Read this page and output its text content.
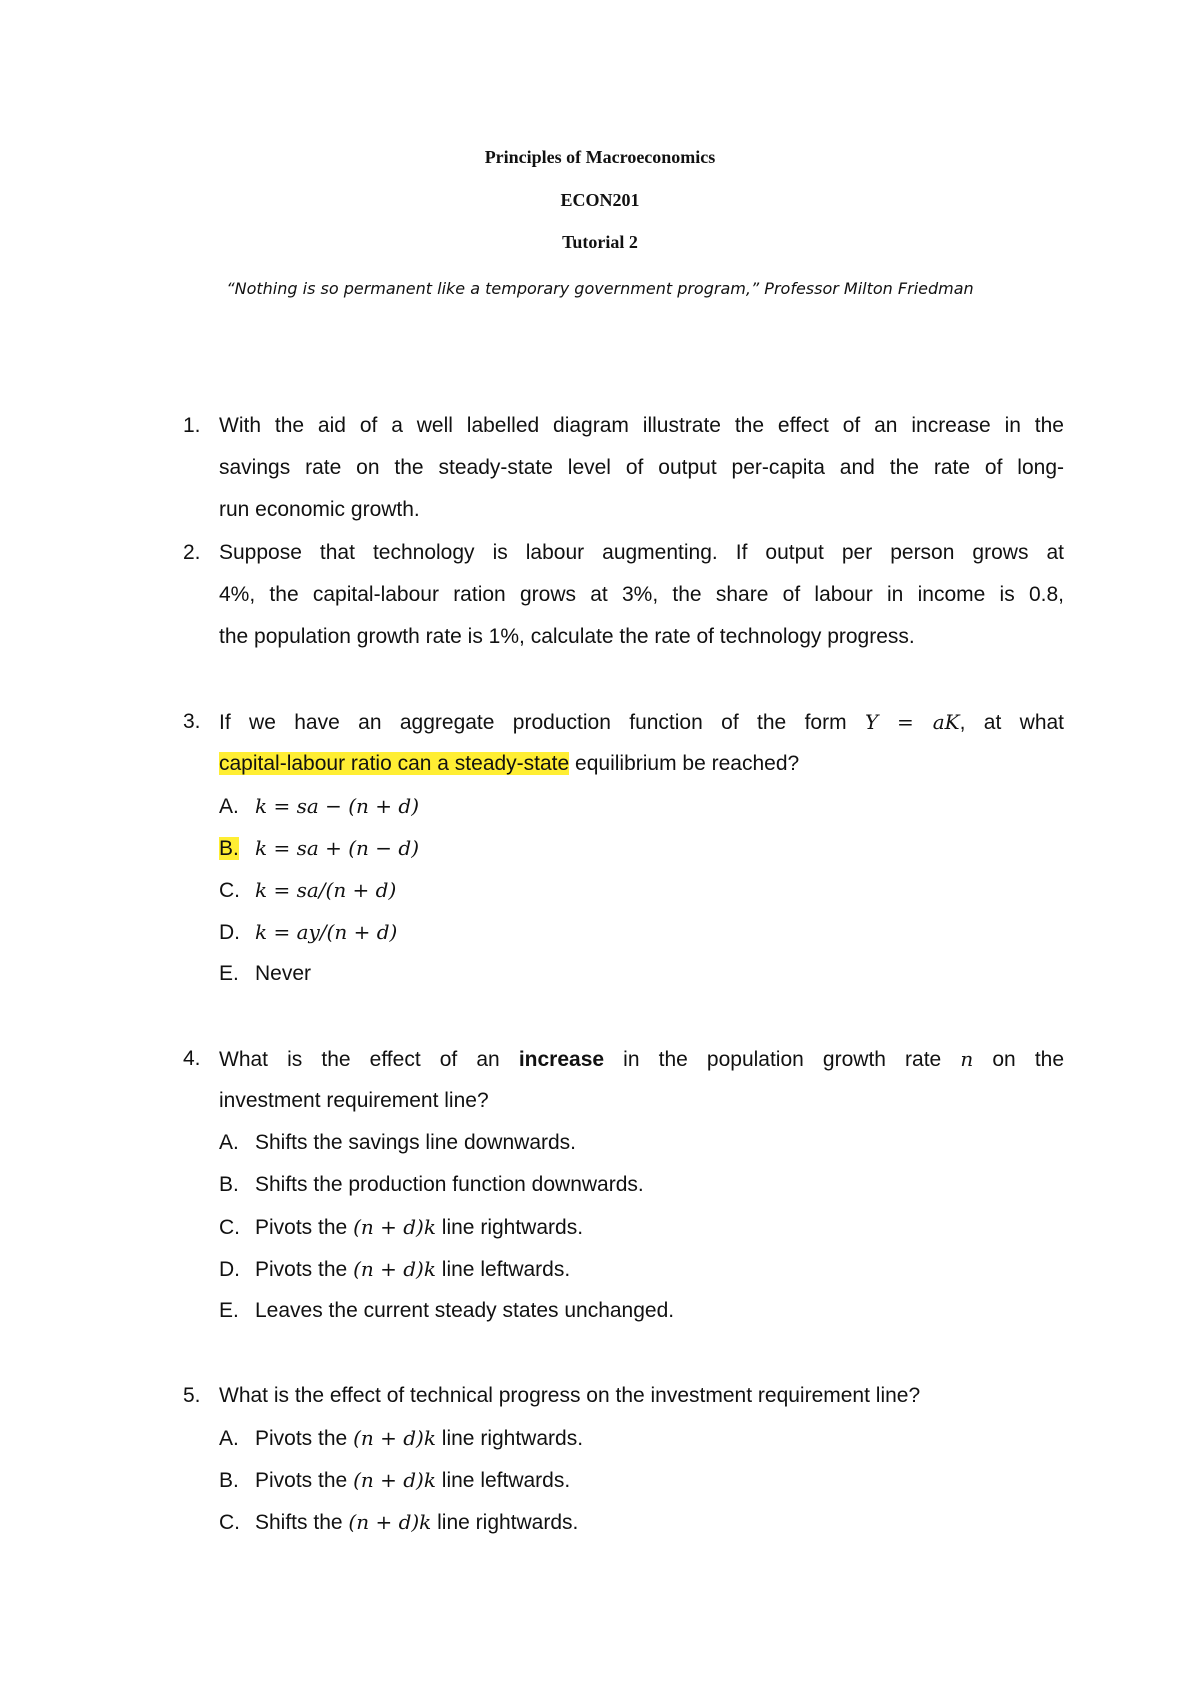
Principles of Macroeconomics
ECON201
Tutorial 2
“Nothing is so permanent like a temporary government program,” Professor Milton Friedman
1. With the aid of a well labelled diagram illustrate the effect of an increase in the
savings rate on the steady-state level of output per-capita and the rate of long-
run economic growth.
2. Suppose that technology is labour augmenting. If output per person grows at
4%, the capital-labour ration grows at 3%, the share of labour in income is 0.8,
the population growth rate is 1%, calculate the rate of technology progress.
3. If we have an aggregate production function of the form Y = aK, at what
capital-labour ratio can a steady-state equilibrium be reached?
A. k = sa − (n + d)
B. k = sa + (n − d)
C. k = sa/(n + d)
D. k = ay/(n + d)
E. Never
4. What is the effect of an increase in the population growth rate n on the
investment requirement line?
A. Shifts the savings line downwards.
B. Shifts the production function downwards.
C. Pivots the (n + d)k line rightwards.
D. Pivots the (n + d)k line leftwards.
E. Leaves the current steady states unchanged.
5. What is the effect of technical progress on the investment requirement line?
A. Pivots the (n + d)k line rightwards.
B. Pivots the (n + d)k line leftwards.
C. Shifts the (n + d)k line rightwards.
